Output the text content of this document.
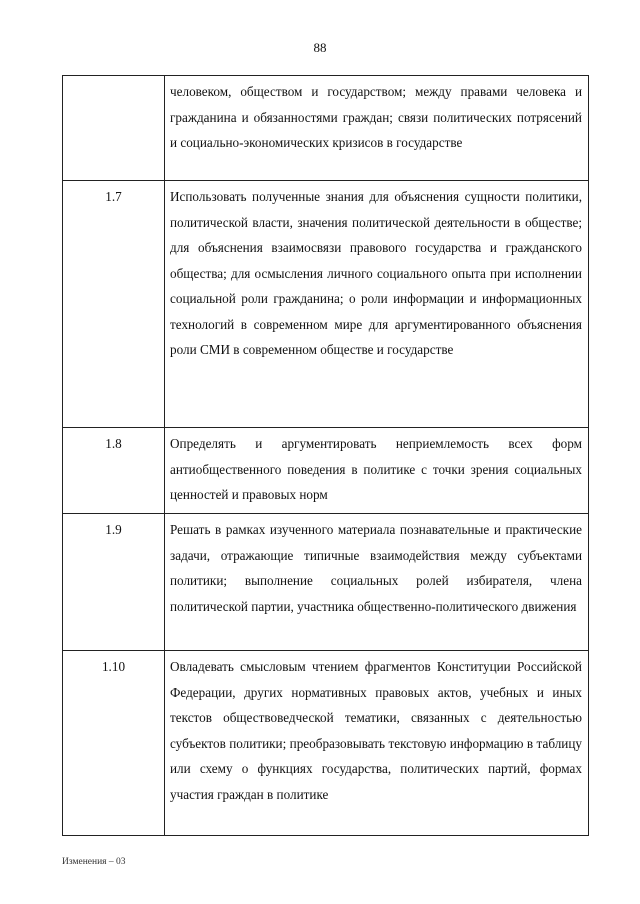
88
	человеком, обществом и государством; между правами человека и гражданина и обязанностями граждан; связи политических потрясений и социально-экономических кризисов в государстве
1.7	Использовать полученные знания для объяснения сущности политики, политической власти, значения политической деятельности в обществе; для объяснения взаимосвязи правового государства и гражданского общества; для осмысления личного социального опыта при исполнении социальной роли гражданина; о роли информации и информационных технологий в современном мире для аргументированного объяснения роли СМИ в современном обществе и государстве
1.8	Определять и аргументировать неприемлемость всех форм антиобщественного поведения в политике с точки зрения социальных ценностей и правовых норм
1.9	Решать в рамках изученного материала познавательные и практические задачи, отражающие типичные взаимодействия между субъектами политики; выполнение социальных ролей избирателя, члена политической партии, участника общественно-политического движения
1.10	Овладевать смысловым чтением фрагментов Конституции Российской Федерации, других нормативных правовых актов, учебных и иных текстов обществоведческой тематики, связанных с деятельностью субъектов политики; преобразовывать текстовую информацию в таблицу или схему о функциях государства, политических партий, формах участия граждан в политике
Изменения – 03
